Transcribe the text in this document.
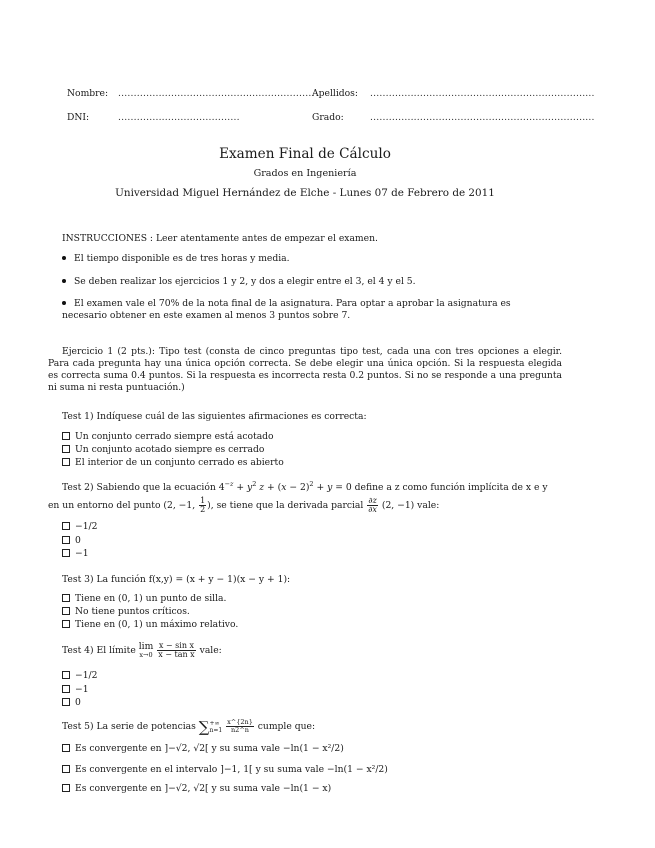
Nombre: ...............................................................
Apellidos: ........................................................................
DNI:	.......................................	Grado:	........................................................................
Examen Final de Cálculo
Grados en Ingeniería
Universidad Miguel Hernández de Elche - Lunes 07 de Febrero de 2011
INSTRUCCIONES : Leer atentamente antes de empezar el examen.
El tiempo disponible es de tres horas y media.
Se deben realizar los ejercicios 1 y 2, y dos a elegir entre el 3, el 4 y el 5.
El examen vale el 70% de la nota final de la asignatura. Para optar a aprobar la asignatura es necesario obtener en este examen al menos 3 puntos sobre 7.
Ejercicio 1 (2 pts.): Tipo test (consta de cinco preguntas tipo test, cada una con tres opciones a elegir. Para cada pregunta hay una única opción correcta. Se debe elegir una única opción. Si la respuesta elegida es correcta suma 0.4 puntos. Si la respuesta es incorrecta resta 0.2 puntos. Si no se responde a una pregunta ni suma ni resta puntuación.)
Test 1) Indíquese cuál de las siguientes afirmaciones es correcta:
Un conjunto cerrado siempre está acotado
Un conjunto acotado siempre es cerrado
El interior de un conjunto cerrado es abierto
Test 2) Sabiendo que la ecuación $4^{-z} + y^2$ $z + (x - 2)^2 + y = 0$ define a z como función implícita de x e y
en un entorno del punto (2, −1, $\frac{1}{2}$ ), se tiene que la derivada parcial $\frac{\partial z}{\partial x} (2$, −1) vale:
−1/2
0
−1
Test 3) La función f(x,y) = (x + y − 1)(x − y + 1):
Tiene en (0, 1) un punto de silla.
No tiene puntos críticos.
Tiene en (0, 1) un máximo relativo.
Test 4) El límite lim
x→0
$\frac{\text{x − sin x}}{\text{x − tan x}}$ vale:
−1/2
−1
0
Test 5) La serie de potencias ∑ +∞
n=1
$\frac{x\^{}\{2n\}}{n2\^{}n}$ cumple que:
Es convergente en ]−√2, √2[ y su suma vale −ln(1 − x²/2)
Es convergente en el intervalo ]−1, 1[ y su suma vale −ln(1 − x²/2)
Es convergente en ]−√2, √2[ y su suma vale −ln(1 − x)
